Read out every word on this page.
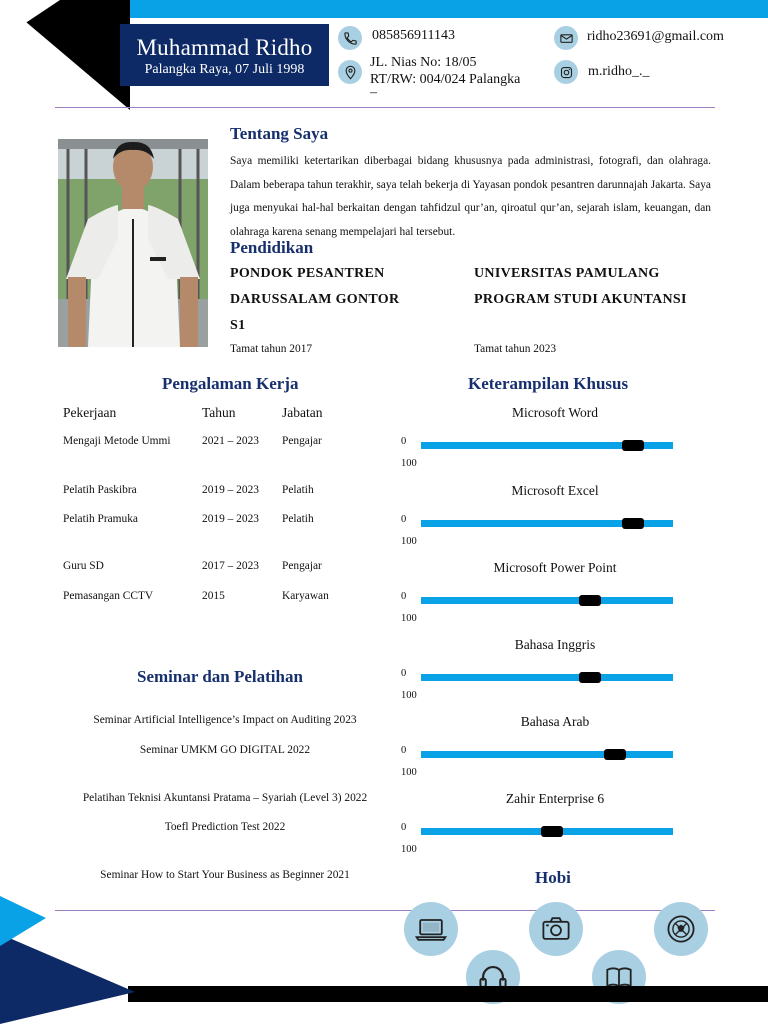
Muhammad Ridho
Palangka Raya, 07 Juli 1998
085856911143
JL. Nias No: 18/05
RT/RW: 004/024 Palangka
–
ridho23691@gmail.com
m.ridho_._
Tentang Saya
Saya memiliki ketertarikan diberbagai bidang khususnya pada administrasi, fotografi, dan olahraga. Dalam beberapa tahun terakhir, saya telah bekerja di Yayasan pondok pesantren darunnajah Jakarta. Saya juga menyukai hal-hal berkaitan dengan tahfidzul qur’an, qiroatul qur’an, sejarah islam, keuangan, dan olahraga karena senang mempelajari hal tersebut.
Pendidikan
PONDOK PESANTREN
DARUSSALAM GONTOR
S1
Tamat tahun 2017
UNIVERSITAS PAMULANG
PROGRAM STUDI AKUNTANSI
Tamat tahun 2023
Pengalaman Kerja
Pekerjaan	Tahun	Jabatan
Mengaji Metode Ummi	2021 – 2023 Pengajar
Pelatih Paskibra	2019 – 2023 Pelatih
Pelatih Pramuka	2019 – 2023 Pelatih
Guru SD	2017 – 2023 Pengajar
Pemasangan CCTV	2015	Karyawan
Seminar dan Pelatihan
Seminar Artificial Intelligence’s Impact on Auditing 2023
Seminar UMKM GO DIGITAL 2022
Pelatihan Teknisi Akuntansi Pratama – Syariah (Level 3) 2022
Toefl Prediction Test 2022
Seminar How to Start Your Business as Beginner 2021
Keterampilan Khusus
Microsoft Word
0
100
Microsoft Excel
0
100
Microsoft Power Point
0
100
Bahasa Inggris
0
100
Bahasa Arab
0
100
Zahir Enterprise 6
0
100
Hobi
